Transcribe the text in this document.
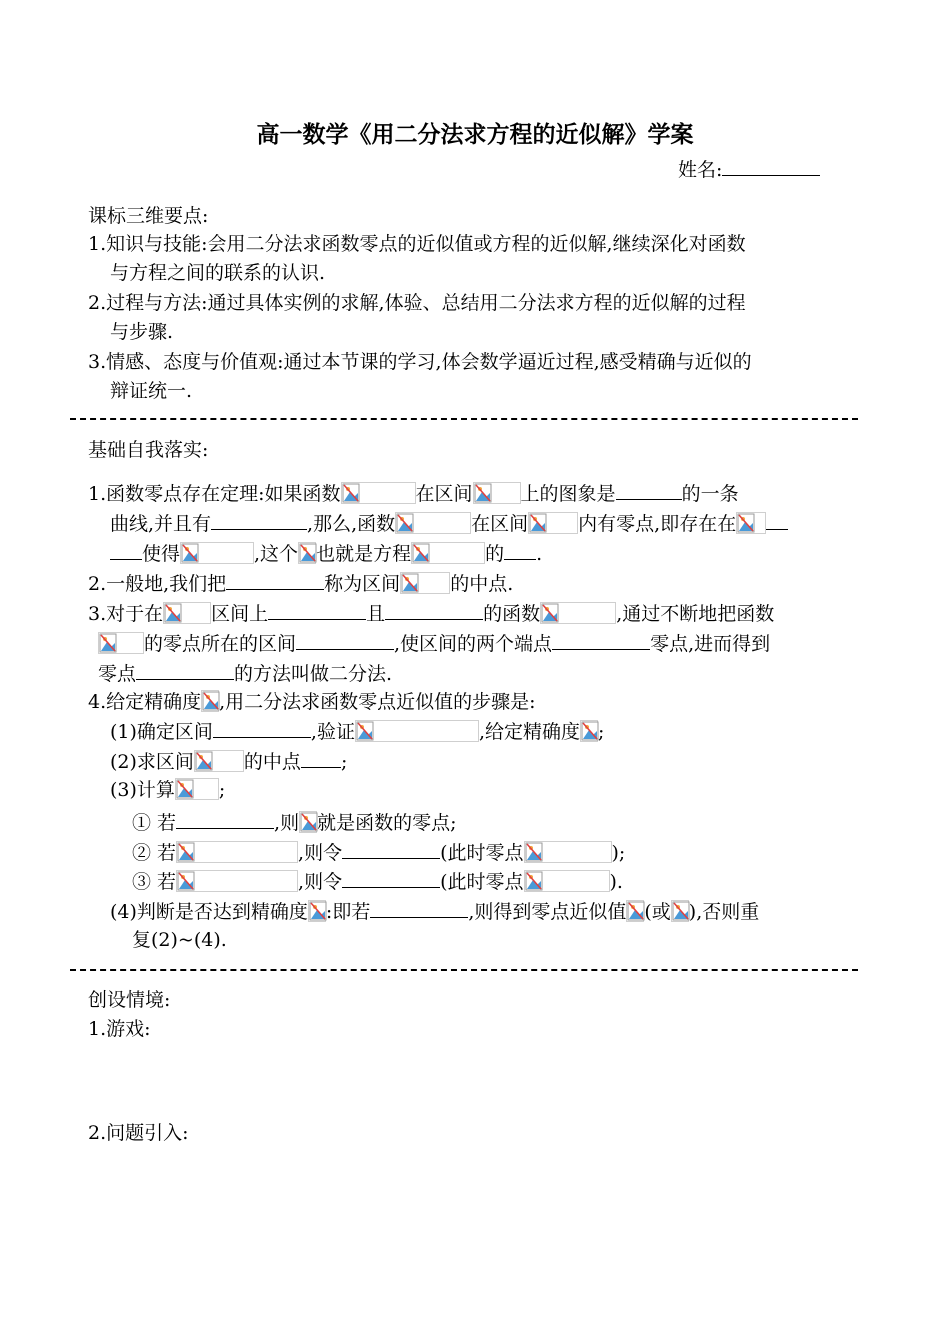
高一数学《用二分法求方程的近似解》学案
姓名:
课标三维要点:
1.知识与技能:会用二分法求函数零点的近似值或方程的近似解,继续深化对函数
与方程之间的联系的认识.
2.过程与方法:通过具体实例的求解,体验、总结用二分法求方程的近似解的过程
与步骤.
3.情感、态度与价值观:通过本节课的学习,体会数学逼近过程,感受精确与近似的
辩证统一.
基础自我落实:
1.函数零点存在定理:如果函数	在区间	上的图象是	的一条
曲线,并且有	,那么,函数	在区间	内有零点,即存在在
使得	,这个 也就是方程	的 .
2.一般地,我们把	称为区间	的中点.
3.对于在	区间上	且	的函数	,通过不断地把函数
的零点所在的区间	,使区间的两个端点	零点,进而得到
零点	的方法叫做二分法.
4.给定精确度 ,用二分法求函数零点近似值的步骤是:
(1)确定区间	,验证	,给定精确度 ;
(2)求区间	的中点 ;
(3)计算 ;
① 若	,则 就是函数的零点;
② 若	,则令	(此时零点	);
③ 若	,则令	(此时零点	).
(4)判断是否达到精确度 :即若	,则得到零点近似值 (或 ),否则重
复(2)~(4).
创设情境:
1.游戏:
2.问题引入:
